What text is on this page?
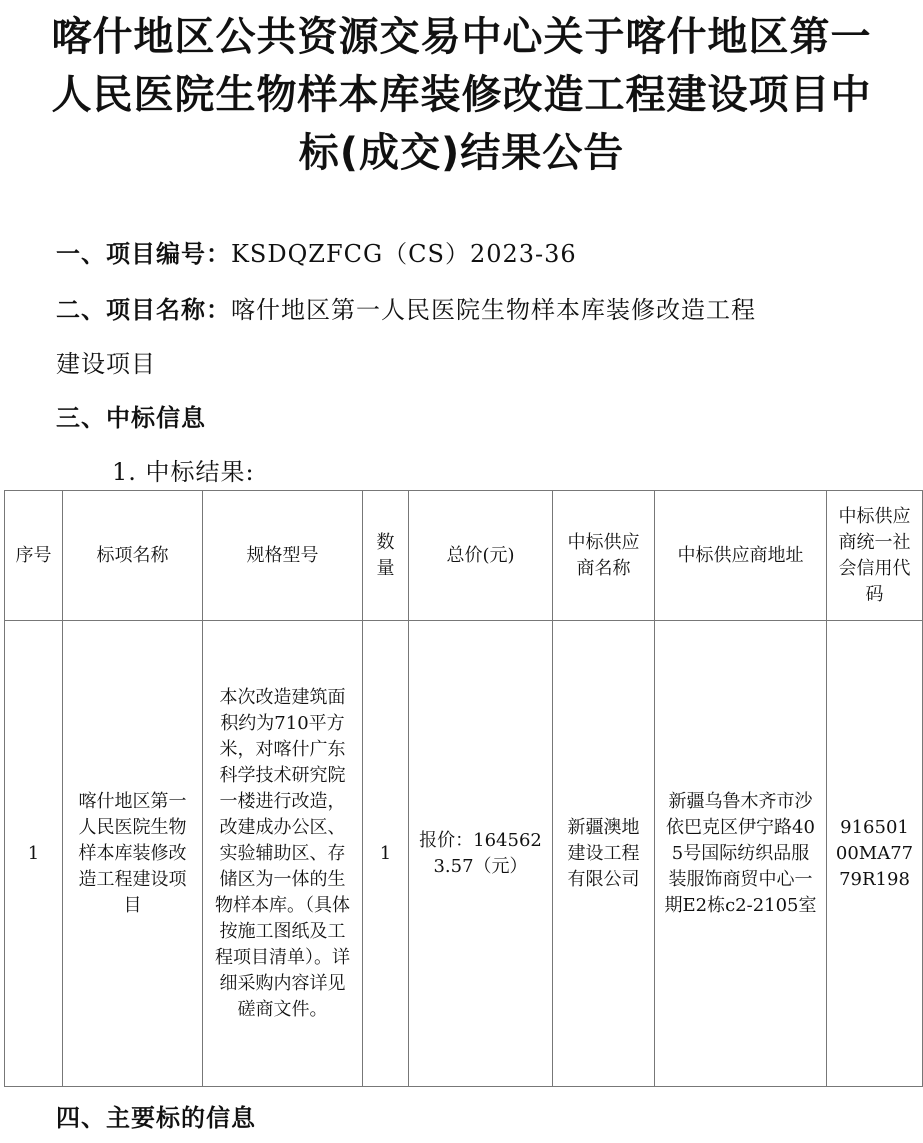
喀什地区公共资源交易中心关于喀什地区第一
人民医院生物样本库装修改造工程建设项目中
标(成交)结果公告
一、项目编号：KSDQZFCG（CS）2023-36
二、项目名称：喀什地区第一人民医院生物样本库装修改造工程
建设项目
三、中标信息
1. 中标结果:
序号	标项名称	规格型号	数量	总价(元)	中标供应商名称	中标供应商地址	中标供应商统一社会信用代码
1	喀什地区第一人民医院生物样本库装修改造工程建设项目	本次改造建筑面积约为710平方米，对喀什广东科学技术研究院一楼进行改造，改建成办公区、实验辅助区、存储区为一体的生物样本库。（具体按施工图纸及工程项目清单）。详细采购内容详见磋商文件。	1	报价：1645623.57（元）	新疆澳地建设工程有限公司	新疆乌鲁木齐市沙依巴克区伊宁路405号国际纺织品服装服饰商贸中心一期E2栋c2-2105室	91650100MA7779R198
四、主要标的信息
